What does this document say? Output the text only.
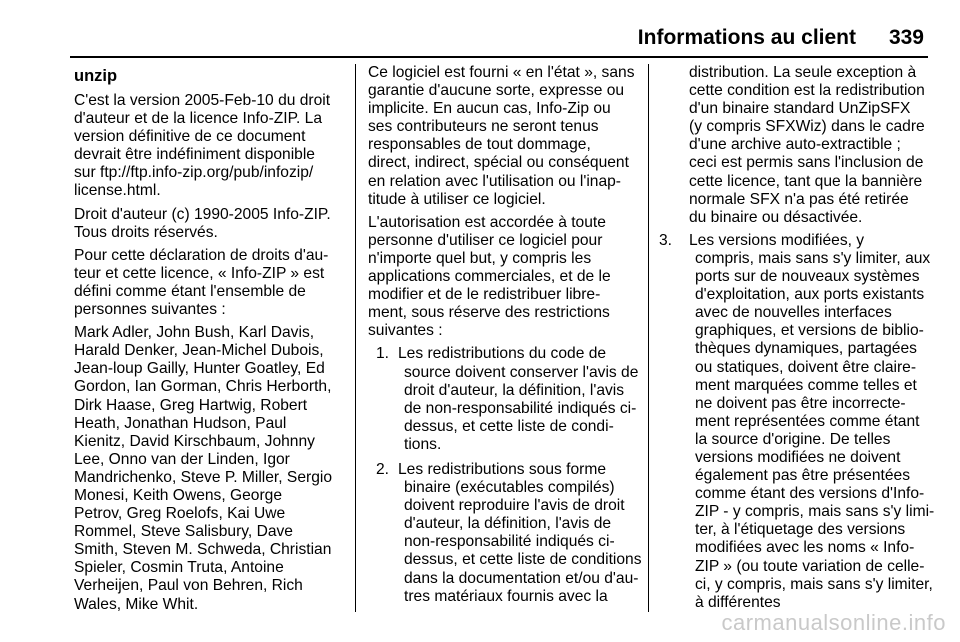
Informations au client 339
unzip
C'est la version 2005-Feb-10 du droit
d'auteur et de la licence Info-ZIP. La
version définitive de ce document
devrait être indéfiniment disponible
sur ftp://ftp.info-zip.org/pub/infozip/
license.html.
Droit d'auteur (c) 1990-2005 Info-ZIP.
Tous droits réservés.
Pour cette déclaration de droits d'au-
teur et cette licence, « Info-ZIP » est
défini comme étant l'ensemble de
personnes suivantes :
Mark Adler, John Bush, Karl Davis,
Harald Denker, Jean-Michel Dubois,
Jean-loup Gailly, Hunter Goatley, Ed
Gordon, Ian Gorman, Chris Herborth,
Dirk Haase, Greg Hartwig, Robert
Heath, Jonathan Hudson, Paul
Kienitz, David Kirschbaum, Johnny
Lee, Onno van der Linden, Igor
Mandrichenko, Steve P. Miller, Sergio
Monesi, Keith Owens, George
Petrov, Greg Roelofs, Kai Uwe
Rommel, Steve Salisbury, Dave
Smith, Steven M. Schweda, Christian
Spieler, Cosmin Truta, Antoine
Verheijen, Paul von Behren, Rich
Wales, Mike Whit.
Ce logiciel est fourni « en l'état », sans
garantie d'aucune sorte, expresse ou
implicite. En aucun cas, Info-Zip ou
ses contributeurs ne seront tenus
responsables de tout dommage,
direct, indirect, spécial ou conséquent
en relation avec l'utilisation ou l'inap-
titude à utiliser ce logiciel.
L'autorisation est accordée à toute
personne d'utiliser ce logiciel pour
n'importe quel but, y compris les
applications commerciales, et de le
modifier et de le redistribuer libre-
ment, sous réserve des restrictions
suivantes :
1. Les redistributions du code de
source doivent conserver l'avis de
droit d'auteur, la définition, l'avis
de non-responsabilité indiqués ci-
dessus, et cette liste de condi-
tions.
2. Les redistributions sous forme
binaire (exécutables compilés)
doivent reproduire l'avis de droit
d'auteur, la définition, l'avis de
non-responsabilité indiqués ci-
dessus, et cette liste de conditions
dans la documentation et/ou d'au-
tres matériaux fournis avec la
distribution. La seule exception à
cette condition est la redistribution
d'un binaire standard UnZipSFX
(y compris SFXWiz) dans le cadre
d'une archive auto-extractible ;
ceci est permis sans l'inclusion de
cette licence, tant que la bannière
normale SFX n'a pas été retirée
du binaire ou désactivée.
3. Les versions modifiées, y
compris, mais sans s'y limiter, aux
ports sur de nouveaux systèmes
d'exploitation, aux ports existants
avec de nouvelles interfaces
graphiques, et versions de biblio-
thèques dynamiques, partagées
ou statiques, doivent être claire-
ment marquées comme telles et
ne doivent pas être incorrecte-
ment représentées comme étant
la source d'origine. De telles
versions modifiées ne doivent
également pas être présentées
comme étant des versions d'Info-
ZIP - y compris, mais sans s'y limi-
ter, à l'étiquetage des versions
modifiées avec les noms « Info-
ZIP » (ou toute variation de celle-
ci, y compris, mais sans s'y limiter,
à différentes
carmanualsonline.info
